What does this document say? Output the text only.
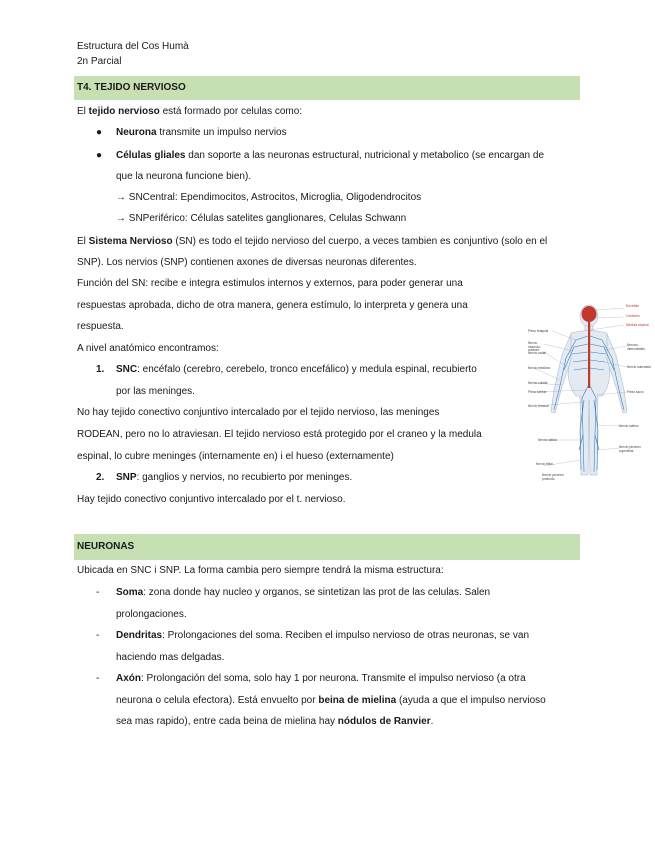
Estructura del Cos Humà
2n Parcial
T4. TEJIDO NERVIOSO
El tejido nervioso está formado por celulas como:
● Neurona transmite un impulso nervios
● Células gliales dan soporte a las neuronas estructural, nutricional y metabolico (se encargan de
que la neurona funcione bien).
→ SNCentral: Ependimocitos, Astrocitos, Microglia, Oligodendrocitos
→ SNPeriférico: Células satelites ganglionares, Celulas Schwann
El Sistema Nervioso (SN) es todo el tejido nervioso del cuerpo, a veces tambien es conjuntivo (solo en el
SNP). Los nervios (SNP) contienen axones de diversas neuronas diferentes.
Función del SN: recibe e integra estimulos internos y externos, para poder generar una
respuestas aprobada, dicho de otra manera, genera estímulo, lo interpreta y genera una
respuesta.
A nivel anatómico encontramos:
1. SNC: encéfalo (cerebro, cerebelo, tronco encefálico) y medula espinal, recubierto
por las meninges.
No hay tejido conectivo conjuntivo intercalado por el tejido nervioso, las meninges
RODEAN, pero no lo atraviesan. El tejido nervioso está protegido por el craneo y la medula
espinal, lo cubre meninges (internamente en) i el hueso (externamente)
2. SNP: ganglios y nervios, no recubierto por meninges.
Hay tejido conectivo conjuntivo intercalado por el t. nervioso.
NEURONAS
Ubicada en SNC i SNP. La forma cambia pero siempre tendrá la misma estructura:
- Soma: zona donde hay nucleo y organos, se sintetizan las prot de las celulas. Salen
prolongaciones.
- Dendritas: Prolongaciones del soma. Reciben el impulso nervioso de otras neuronas, se van
haciendo mas delgadas.
- Axón: Prolongación del soma, solo hay 1 por neurona. Transmite el impulso nervioso (a otra
neurona o celula efectora). Está envuelto por beina de mielina (ayuda a que el impulso nervioso
sea mas rapido), entre cada beina de mielina hay nódulos de Ranvier.
Encéfalo
Cerebelo
Médula espinal
Plexo braquial
Nervio musculo-cutáneo
Nervio radial
Nervio mediano
Nervio cubital
Plexo lumbar
Nervio femoral
Nervio ciático
Nervio tibial
Nervio peroneo profundo
Nervios intercostales
Nervio subcostal
Plexo sacro
Nervio safeno
Nervio peroneo superficial
